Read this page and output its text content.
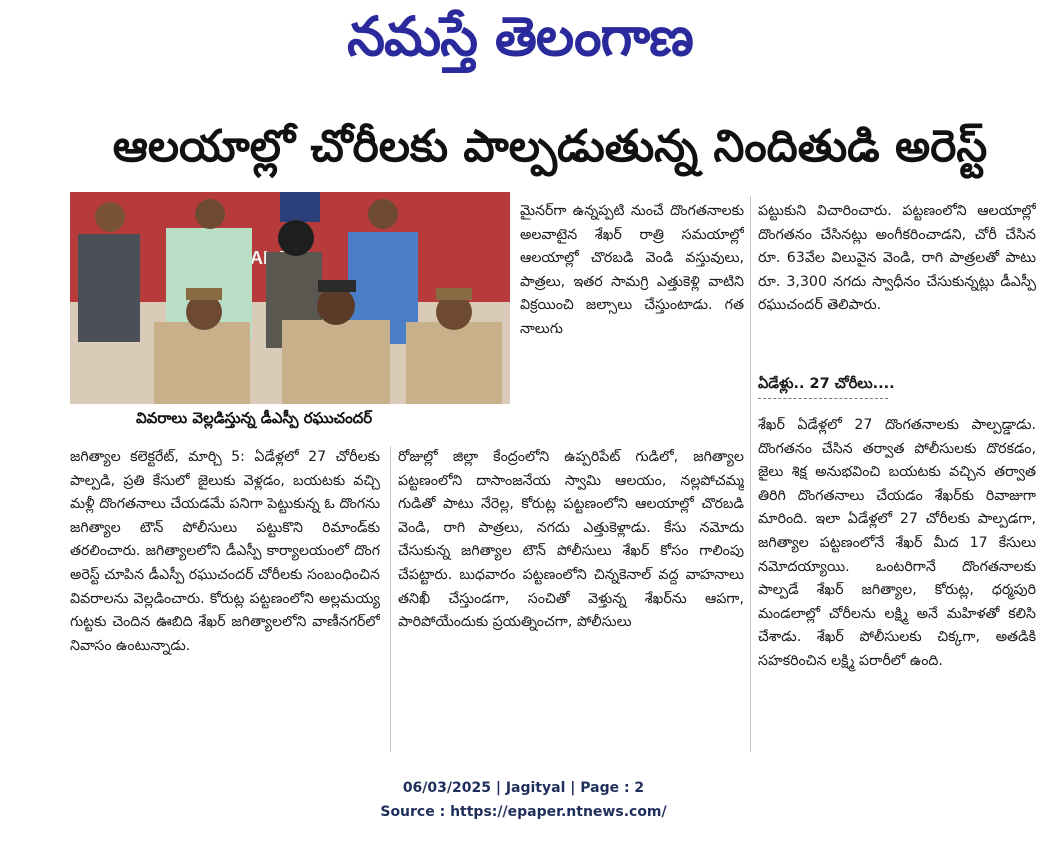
నమస్తే తెలంగాణ
ఆలయాల్లో చోరీలకు పాల్పడుతున్న నిందితుడి అరెస్ట్
AL
వివరాలు వెల్లడిస్తున్న డీఎస్పీ రఘుచందర్

జగిత్యాల కలెక్టరేట్, మార్చి 5: ఏడేళ్లలో 27 చోరీలకు పాల్పడి, ప్రతి కేసులో జైలుకు వెళ్లడం, బయటకు వచ్చి మళ్లీ దొంగతనాలు చేయడమే పనిగా పెట్టుకున్న ఓ దొంగను జగిత్యాల టౌన్ పోలీసులు పట్టుకొని రిమాండ్‌కు తరలించారు. జగిత్యాలలోని డీఎస్పీ కార్యాలయంలో దొంగ అరెస్ట్ చూపిన డీఎస్పీ రఘుచందర్ చోరీలకు సంబంధించిన వివరాలను వెల్లడించారు. కోరుట్ల పట్టణంలోని అల్లమయ్య గుట్టకు చెందిన ఊబిది శేఖర్ జగిత్యాలలోని వాణీనగర్‌లో నివాసం ఉంటున్నాడు.

మైనర్‌గా ఉన్నప్పటి నుంచే దొంగతనాలకు అలవాటైన శేఖర్ రాత్రి సమయాల్లో ఆలయాల్లో చొరబడి వెండి వస్తువులు, పాత్రలు, ఇతర సామగ్రి ఎత్తుకెళ్లి వాటిని విక్రయించి జల్సాలు చేస్తుంటాడు. గత నాలుగు

రోజుల్లో జిల్లా కేంద్రంలోని ఉప్పరిపేట్ గుడిలో, జగిత్యాల పట్టణంలోని దాసాంజనేయ స్వామి ఆలయం, నల్లపోచమ్మ గుడితో పాటు నేరెల్ల, కోరుట్ల పట్టణంలోని ఆలయాల్లో చొరబడి వెండి, రాగి పాత్రలు, నగదు ఎత్తుకెళ్లాడు. కేసు నమోదు చేసుకున్న జగిత్యాల టౌన్ పోలీసులు శేఖర్ కోసం గాలింపు చేపట్టారు. బుధవారం పట్టణంలోని చిన్నకెనాల్ వద్ద వాహనాలు తనిఖీ చేస్తుండగా, సంచితో వెళ్తున్న శేఖర్‌ను ఆపగా, పారిపోయేందుకు ప్రయత్నించగా, పోలీసులు

పట్టుకుని విచారించారు. పట్టణంలోని ఆలయాల్లో దొంగతనం చేసినట్లు అంగీకరించాడని, చోరీ చేసిన రూ. 63వేల విలువైన వెండి, రాగి పాత్రలతో పాటు రూ. 3,300 నగదు స్వాధీనం చేసుకున్నట్లు డీఎస్పీ రఘుచందర్ తెలిపారు.

ఏడేళ్లు.. 27 చోరీలు....

శేఖర్ ఏడేళ్లలో 27 దొంగతనాలకు పాల్పడ్డాడు. దొంగతనం చేసిన తర్వాత పోలీసులకు దొరకడం, జైలు శిక్ష అనుభవించి బయటకు వచ్చిన తర్వాత తిరిగి దొంగతనాలు చేయడం శేఖర్‌కు రివాజుగా మారింది. ఇలా ఏడేళ్లలో 27 చోరీలకు పాల్పడగా, జగిత్యాల పట్టణంలోనే శేఖర్ మీద 17 కేసులు నమోదయ్యాయి. ఒంటరిగానే దొంగతనాలకు పాల్పడే శేఖర్ జగిత్యాల, కోరుట్ల, ధర్మపురి మండలాల్లో చోరీలను లక్ష్మి అనే మహిళతో కలిసి చేశాడు. శేఖర్ పోలీసులకు చిక్కగా, అతడికి సహకరించిన లక్ష్మి పరారీలో ఉంది.

06/03/2025 | Jagityal | Page : 2
Source : https://epaper.ntnews.com/
